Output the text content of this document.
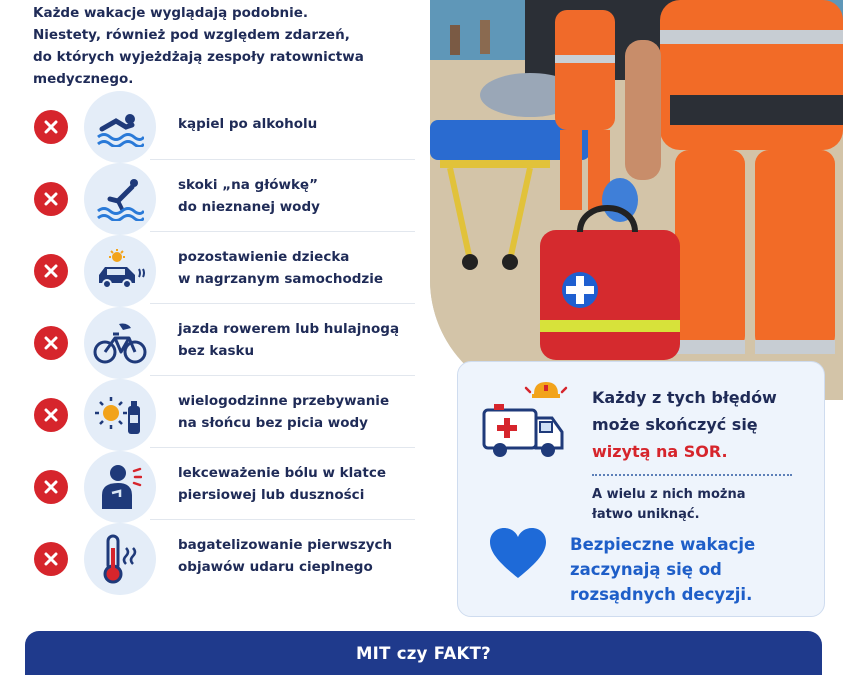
Każde wakacje wyglądają podobnie.

Niestety, również pod względem zdarzeń,

do których wyjeżdżają zespoły ratownictwa medycznego.

kąpiel po alkoholu
skoki „na główkę”
do nieznanej wody
pozostawienie dziecka
w nagrzanym samochodzie
jazda rowerem lub hulajnogą
bez kasku
wielogodzinne przebywanie
na słońcu bez picia wody
lekceważenie bólu w klatce
piersiowej lub duszności
bagatelizowanie pierwszych
objawów udaru cieplnego
Każdy z tych błędów
może skończyć się
wizytą na SOR.
A wielu z nich można
łatwo uniknąć.
Bezpieczne wakacje
zaczynają się od
rozsądnych decyzji.
MIT czy FAKT?
